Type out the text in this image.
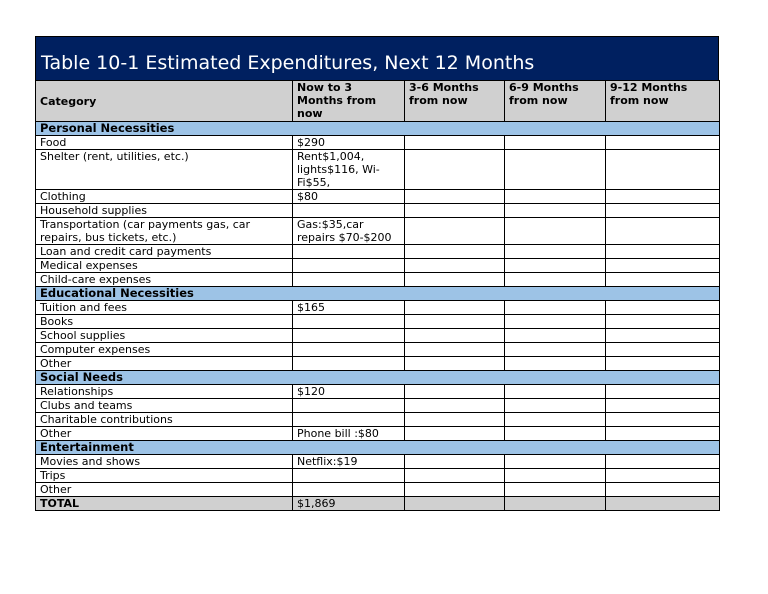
Table 10-1 Estimated Expenditures, Next 12 Months
Category	Now to 3 Months from now	3-6 Months from now	6-9 Months from now	9-12 Months from now
Personal Necessities				
Food	$290			
Shelter (rent, utilities, etc.)	Rent$1,004, lights$116, Wi-Fi$55,			
Clothing	$80			
Household supplies				
Transportation (car payments gas, car repairs, bus tickets, etc.)	Gas:$35,car repairs $70-$200			
Loan and credit card payments				
Medical expenses				
Child-care expenses				
Educational Necessities				
Tuition and fees	$165			
Books				
School supplies				
Computer expenses				
Other				
Social Needs				
Relationships	$120			
Clubs and teams				
Charitable contributions				
Other	Phone bill :$80			
Entertainment				
Movies and shows	Netflix:$19			
Trips				
Other				
TOTAL	$1,869			
